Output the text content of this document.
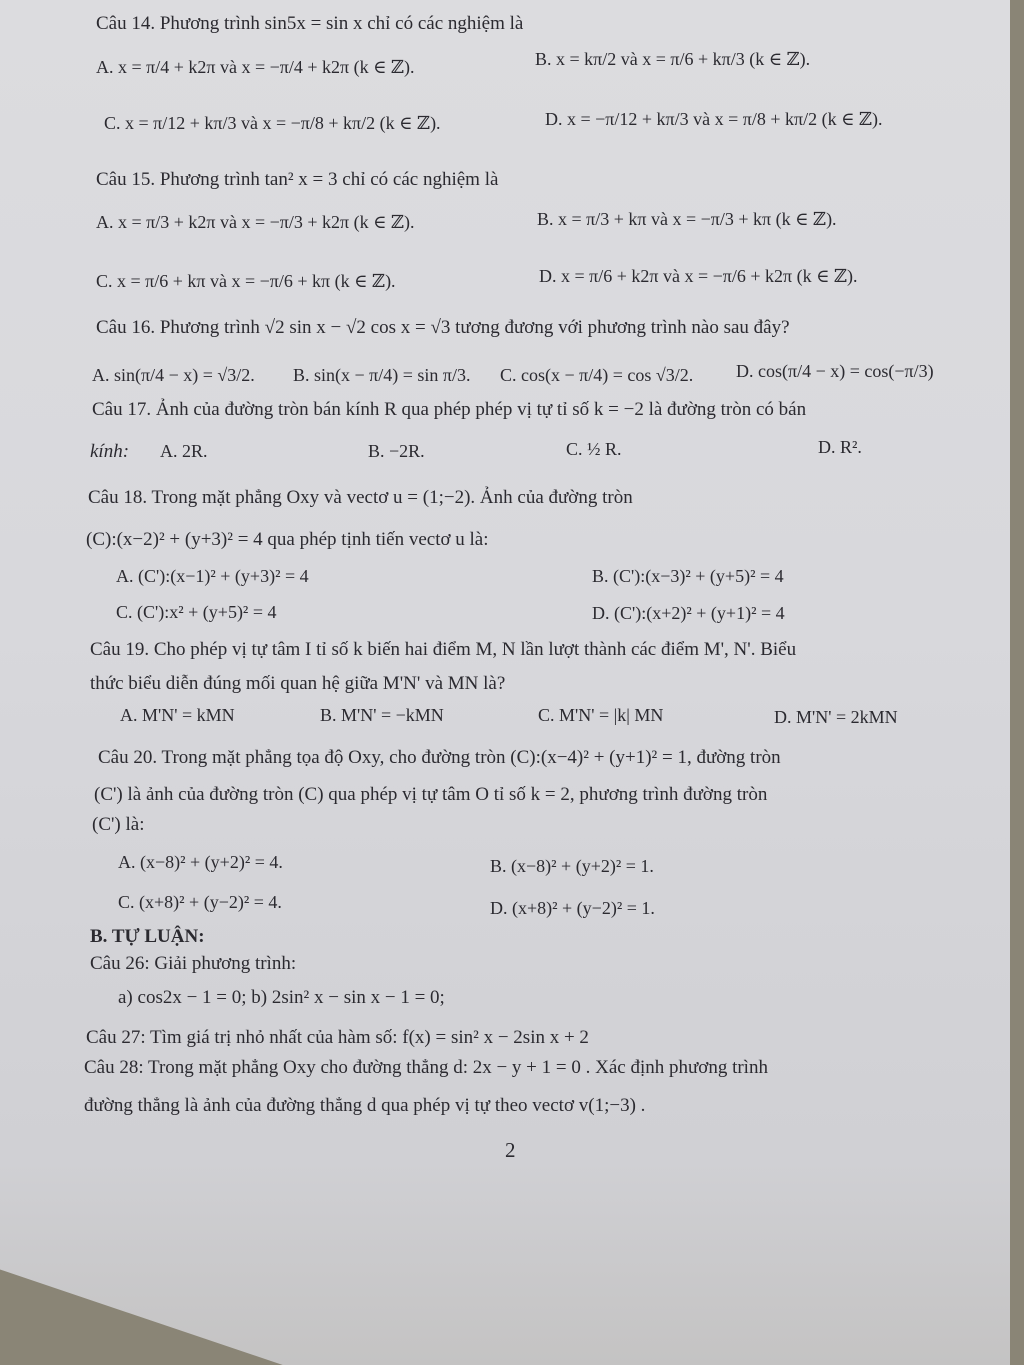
Câu 14. Phương trình sin5x = sin x chỉ có các nghiệm là
A. x = π/4 + k2π và x = −π/4 + k2π (k ∈ ℤ).	B. x = kπ/2 và x = π/6 + kπ/3 (k ∈ ℤ).
C. x = π/12 + kπ/3 và x = −π/8 + kπ/2 (k ∈ ℤ).	D. x = −π/12 + kπ/3 và x = π/8 + kπ/2 (k ∈ ℤ).
Câu 15. Phương trình tan² x = 3 chỉ có các nghiệm là
A. x = π/3 + k2π và x = −π/3 + k2π (k ∈ ℤ).	B. x = π/3 + kπ và x = −π/3 + kπ (k ∈ ℤ).
C. x = π/6 + kπ và x = −π/6 + kπ (k ∈ ℤ).	D. x = π/6 + k2π và x = −π/6 + k2π (k ∈ ℤ).
Câu 16. Phương trình √2 sin x − √2 cos x = √3 tương đương với phương trình nào sau đây?
A. sin(π/4 − x) = √3/2. B. sin(x − π/4) = sin π/3. C. cos(x − π/4) = cos √3/2. D. cos(π/4 − x) = cos(−π/3)
Câu 17. Ảnh của đường tròn bán kính R qua phép phép vị tự tỉ số k = −2 là đường tròn có bán
kính: A. 2R.	B. −2R.	C. ½ R.	D. R².
Câu 18. Trong mặt phẳng Oxy và vectơ u = (1;−2). Ảnh của đường tròn
(C):(x−2)² + (y+3)² = 4 qua phép tịnh tiến vectơ u là:
A. (C'):(x−1)² + (y+3)² = 4	B. (C'):(x−3)² + (y+5)² = 4
C. (C'):x² + (y+5)² = 4	D. (C'):(x+2)² + (y+1)² = 4
Câu 19. Cho phép vị tự tâm I tỉ số k biến hai điểm M, N lần lượt thành các điểm M', N'. Biểu
thức biểu diễn đúng mối quan hệ giữa M'N' và MN là?
A. M'N' = kMN	B. M'N' = −kMN	C. M'N' = |k| MN	D. M'N' = 2kMN
Câu 20. Trong mặt phẳng tọa độ Oxy, cho đường tròn (C):(x−4)² + (y+1)² = 1, đường tròn
(C') là ảnh của đường tròn (C) qua phép vị tự tâm O tỉ số k = 2, phương trình đường tròn
(C') là:
A. (x−8)² + (y+2)² = 4.	B. (x−8)² + (y+2)² = 1.
C. (x+8)² + (y−2)² = 4.	D. (x+8)² + (y−2)² = 1.
B. TỰ LUẬN:
Câu 26: Giải phương trình:
a) cos2x − 1 = 0; b) 2sin² x − sin x − 1 = 0;
Câu 27: Tìm giá trị nhỏ nhất của hàm số: f(x) = sin² x − 2sin x + 2
Câu 28: Trong mặt phẳng Oxy cho đường thẳng d: 2x − y + 1 = 0 . Xác định phương trình
đường thẳng là ảnh của đường thẳng d qua phép vị tự theo vectơ v(1;−3) .
2
